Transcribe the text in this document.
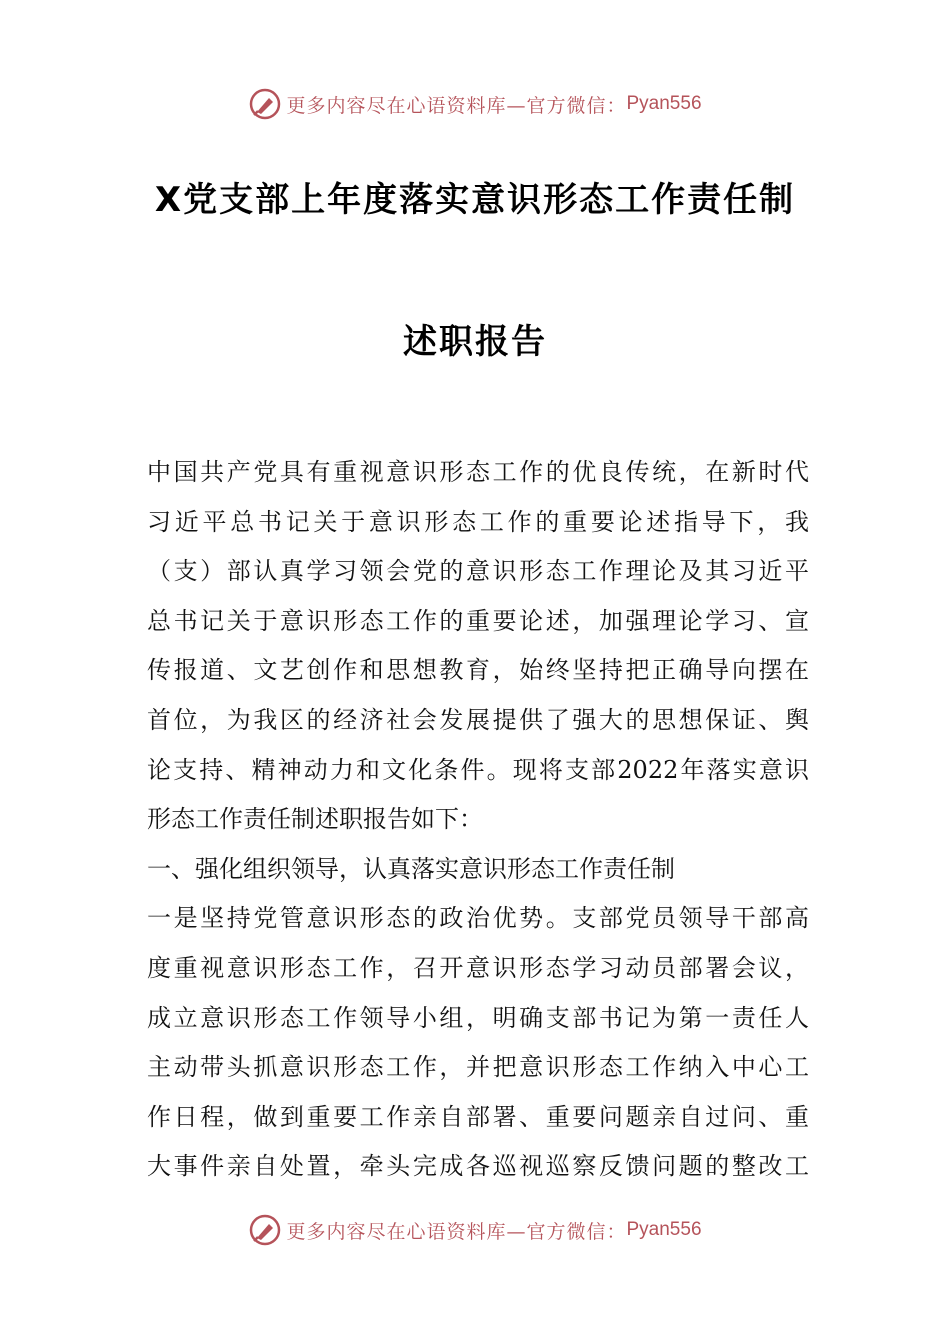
更多内容尽在心语资料库—官方微信： Pyan556
X党支部上年度落实意识形态工作责任制
述职报告
中国共产党具有重视意识形态工作的优良传统，在新时代
习近平总书记关于意识形态工作的重要论述指导下，我
（支）部认真学习领会党的意识形态工作理论及其习近平
总书记关于意识形态工作的重要论述，加强理论学习、宣
传报道、文艺创作和思想教育，始终坚持把正确导向摆在
首位，为我区的经济社会发展提供了强大的思想保证、舆
论支持、精神动力和文化条件。现将支部2022年落实意识
形态工作责任制述职报告如下：
一、强化组织领导，认真落实意识形态工作责任制
一是坚持党管意识形态的政治优势。支部党员领导干部高
度重视意识形态工作，召开意识形态学习动员部署会议，
成立意识形态工作领导小组，明确支部书记为第一责任人
主动带头抓意识形态工作，并把意识形态工作纳入中心工
作日程，做到重要工作亲自部署、重要问题亲自过问、重
大事件亲自处置，牵头完成各巡视巡察反馈问题的整改工
更多内容尽在心语资料库—官方微信： Pyan556
